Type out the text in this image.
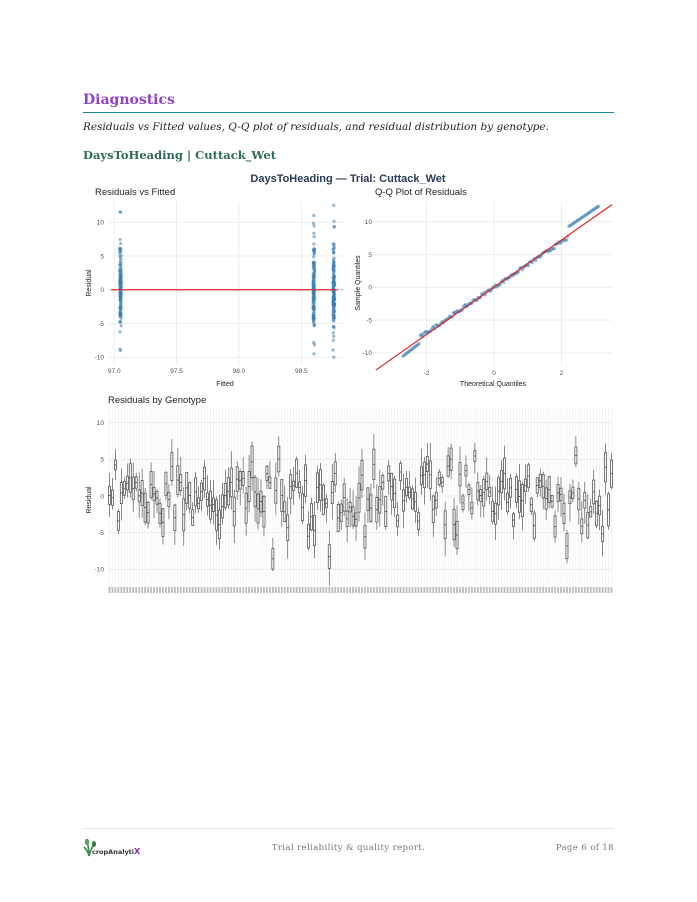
Diagnostics
Residuals vs Fitted values, Q-Q plot of residuals, and residual distribution by genotype.
DaysToHeading | Cuttack_Wet
DaysToHeading — Trial: Cuttack_Wet
Residuals vs Fitted
97.0	97.5	98.0	98.5
-10
-5
0
5
10
Fitted
Residual
Q-Q Plot of Residuals
-2	0	2
-10
-5
0
5
10
Theoretical Quantiles
Sample Quantiles
Residuals by Genotype
-10
-5
0
5
10
Residual
cropAnalytiX	Trial reliability & quality report.	Page 6 of 18
